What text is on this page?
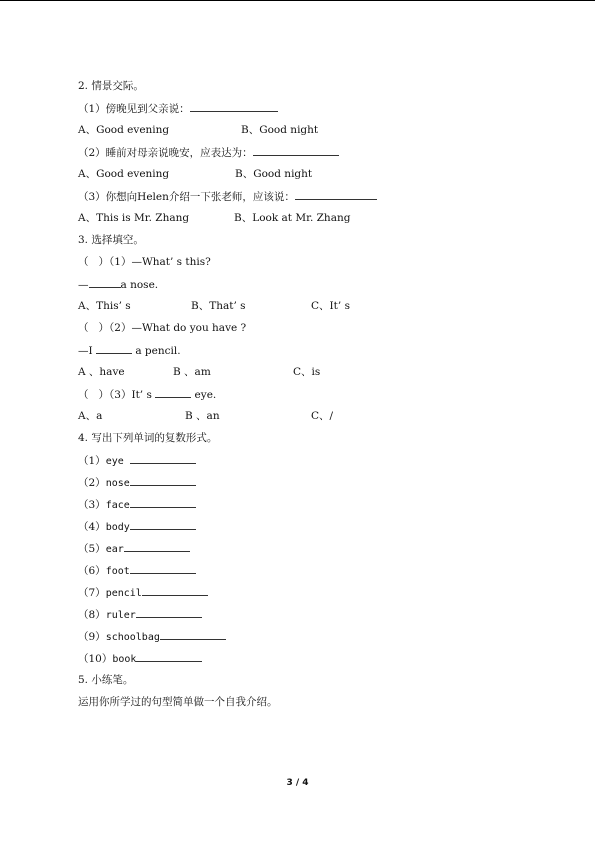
2. 情景交际。
（1）傍晚见到父亲说：
A、Good evening	B、Good night
（2）睡前对母亲说晚安，应表达为：
A、Good evening	B、Good night
（3）你想向Helen介绍一下张老师，应该说：
A、This is Mr. Zhang	B、Look at Mr. Zhang
3. 选择填空。
（   ）（1）—What’ s this?
—	a nose.
A、This’ s	B、That’ s	C、It’ s
（   ）（2）—What do you have ?
—I	a pencil.
A 、have	B 、am	C、is
（   ）（3）It’ s	eye.
A、a	B 、an	C、/
4. 写出下列单词的复数形式。
（1）eye
（2）nose
（3）face
（4）body
（5）ear
（6）foot
（7）pencil
（8）ruler
（9）schoolbag
（10）book
5. 小练笔。
运用你所学过的句型简单做一个自我介绍。
3 / 4
